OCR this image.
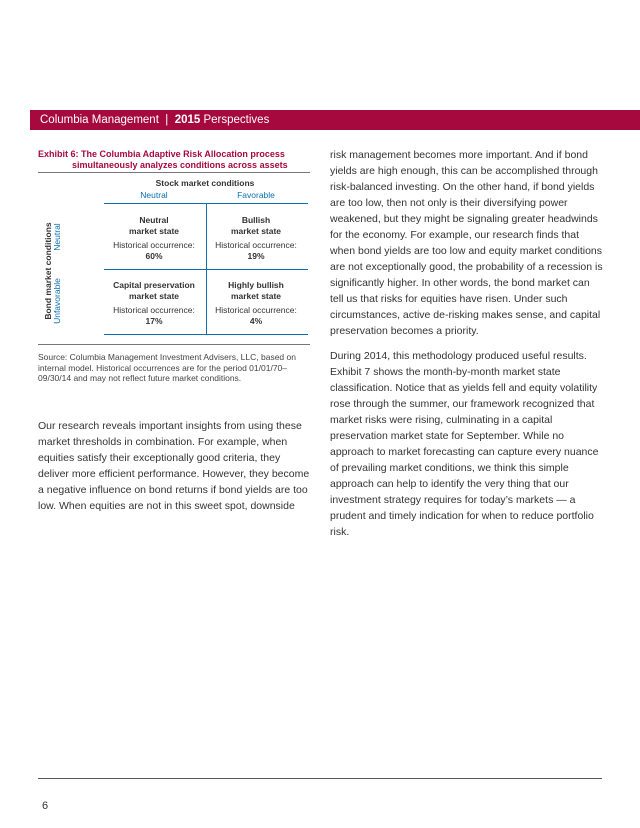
Columbia Management | 2015 Perspectives
Exhibit 6: The Columbia Adaptive Risk Allocation process
simultaneously analyzes conditions across assets
Stock market conditions
Neutral	Favorable
Bond market conditions Neutral
Unfavorable
Neutral
market state
Historical occurrence:
60%
Bullish
market state
Historical occurrence:
19%
Capital preservation
market state
Historical occurrence:
17%
Highly bullish
market state
Historical occurrence:
4%
Source: Columbia Management Investment Advisers, LLC, based on internal model. Historical occurrences are for the period 01/01/70–09/30/14 and may not reflect future market conditions.

Our research reveals important insights from using these market thresholds in combination. For example, when equities satisfy their exceptionally good criteria, they deliver more efficient performance. However, they become a negative influence on bond returns if bond yields are too low. When equities are not in this sweet spot, downside

risk management becomes more important. And if bond yields are high enough, this can be accomplished through risk-balanced investing. On the other hand, if bond yields are too low, then not only is their diversifying power weakened, but they might be signaling greater headwinds for the economy. For example, our research finds that when bond yields are too low and equity market conditions are not exceptionally good, the probability of a recession is significantly higher. In other words, the bond market can tell us that risks for equities have risen. Under such circumstances, active de-risking makes sense, and capital preservation becomes a priority.

During 2014, this methodology produced useful results. Exhibit 7 shows the month-by-month market state classification. Notice that as yields fell and equity volatility rose through the summer, our framework recognized that market risks were rising, culminating in a capital preservation market state for September. While no approach to market forecasting can capture every nuance of prevailing market conditions, we think this simple approach can help to identify the very thing that our investment strategy requires for today’s markets — a prudent and timely indication for when to reduce portfolio risk.

6
